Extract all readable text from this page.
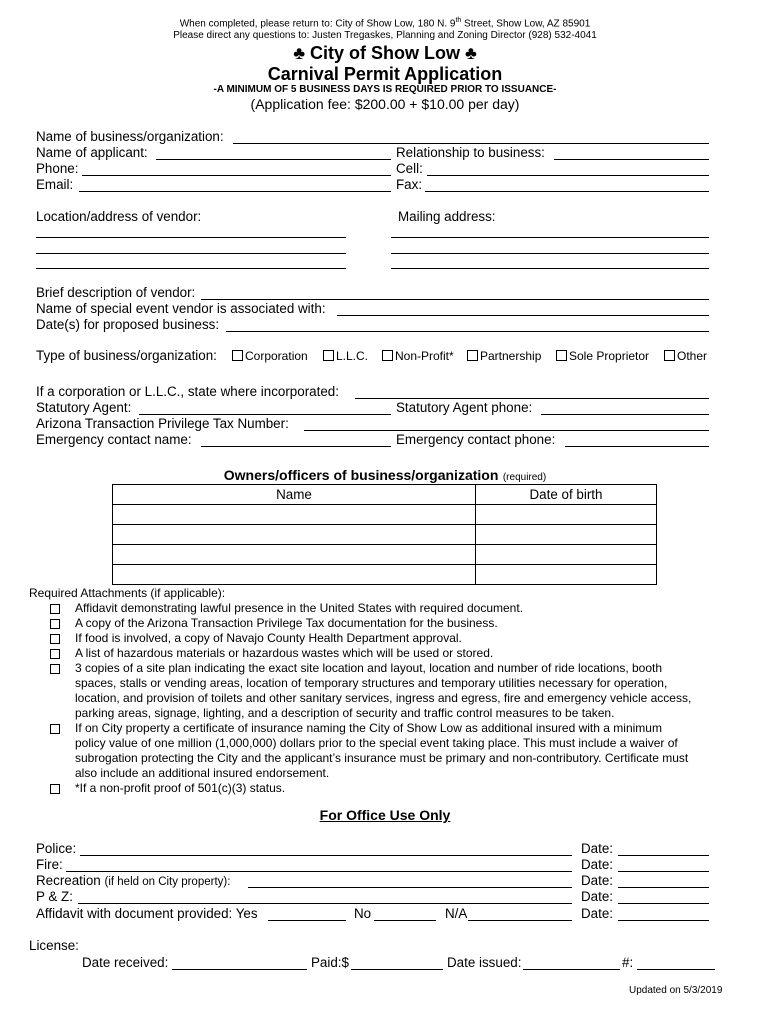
When completed, please return to: City of Show Low, 180 N. 9th Street, Show Low, AZ 85901
Please direct any questions to: Justen Tregaskes, Planning and Zoning Director (928) 532-4041
♣ City of Show Low ♣
Carnival Permit Application
-A MINIMUM OF 5 BUSINESS DAYS IS REQUIRED PRIOR TO ISSUANCE-
(Application fee: $200.00 + $10.00 per day)
Name of business/organization:
Name of applicant:	Relationship to business:
Phone:	Cell:
Email:	Fax:
Location/address of vendor:	Mailing address:
Brief description of vendor:
Name of special event vendor is associated with:
Date(s) for proposed business:
Type of business/organization:	Corporation	L.L.C.	Non-Profit*	Partnership	Sole Proprietor	Other
If a corporation or L.L.C., state where incorporated:
Statutory Agent:	Statutory Agent phone:
Arizona Transaction Privilege Tax Number:
Emergency contact name:	Emergency contact phone:
Owners/officers of business/organization (required)
Name	Date of birth

Required Attachments (if applicable):
Affidavit demonstrating lawful presence in the United States with required document.
A copy of the Arizona Transaction Privilege Tax documentation for the business.
If food is involved, a copy of Navajo County Health Department approval.
A list of hazardous materials or hazardous wastes which will be used or stored.
3 copies of a site plan indicating the exact site location and layout, location and number of ride locations, booth
spaces, stalls or vending areas, location of temporary structures and temporary utilities necessary for operation,
location, and provision of toilets and other sanitary services, ingress and egress, fire and emergency vehicle access,
parking areas, signage, lighting, and a description of security and traffic control measures to be taken.
If on City property a certificate of insurance naming the City of Show Low as additional insured with a minimum
policy value of one million (1,000,000) dollars prior to the special event taking place. This must include a waiver of
subrogation protecting the City and the applicant’s insurance must be primary and non-contributory. Certificate must
also include an additional insured endorsement.
*If a non-profit proof of 501(c)(3) status.
For Office Use Only
Police:	Date:
Fire:	Date:
Recreation (if held on City property):	Date:
P & Z:	Date:
Affidavit with document provided: Yes	No	N/A	Date:
License:
Date received:	Paid:$	Date issued:	#:
Updated on 5/3/2019
